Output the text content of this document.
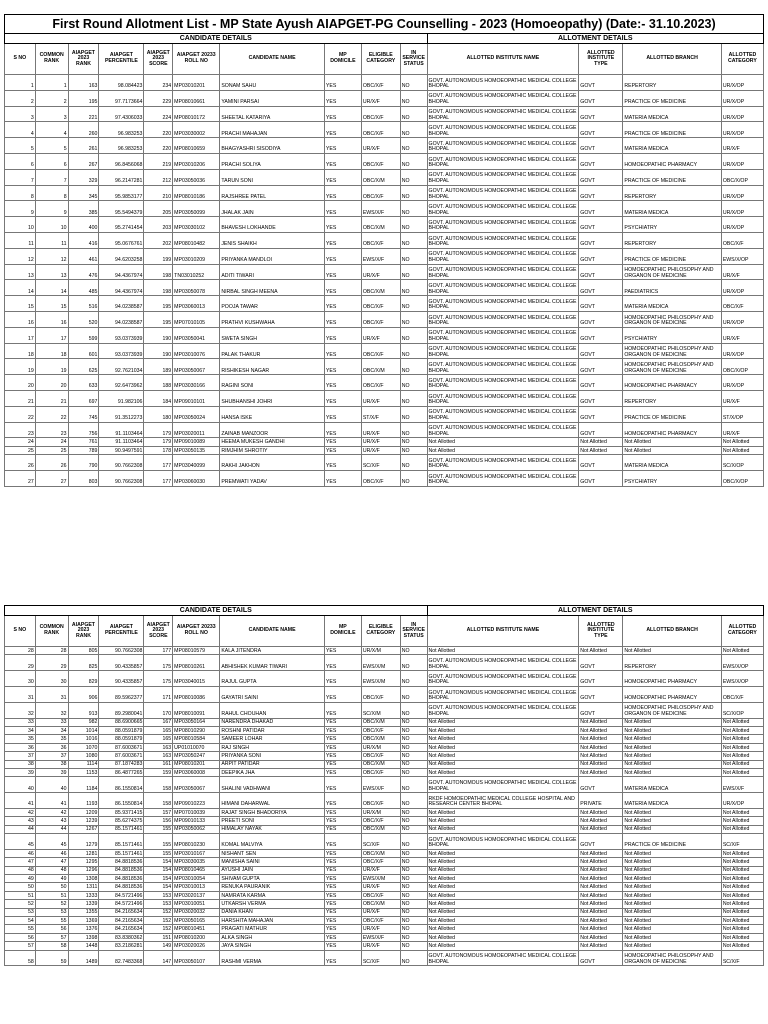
First Round Allotment List - MP State Ayush AIAPGET-PG Counselling - 2023 (Homoeopathy) (Date:- 31.10.2023)
CANDIDATE DETAILS										ALLOTMENT DETAILS			
S NO	COMMON RANK	AIAPGET 2023 RANK	AIAPGET PERCENTILE	AIAPGET 2023 SCORE	AIAPGET 20233 ROLL NO	CANDIDATE NAME	MP DOMICILE	ELIGIBLE CATEGORY	IN SERVICE STATUS	ALLOTTED INSTITUTE NAME	ALLOTTED INSTITUTE TYPE	ALLOTTED BRANCH	ALLOTTED CATEGORY
1	1	163	98.084423	234	MP03010201	SONAM SAHU	YES	OBC/X/F	NO	GOVT. AUTONOMOUS HOMOEOPATHIC MEDICAL COLLEGE BHOPAL	GOVT	REPERTORY	UR/X/OP
2	2	195	97.7173664	229	MP08010661	YAMINI PARSAI	YES	UR/X/F	NO	GOVT. AUTONOMOUS HOMOEOPATHIC MEDICAL COLLEGE BHOPAL	GOVT	PRACTICE OF MEDICINE	UR/X/OP
3	3	221	97.4306033	224	MP08010172	SHEETAL KATARIYA	YES	OBC/X/F	NO	GOVT. AUTONOMOUS HOMOEOPATHIC MEDICAL COLLEGE BHOPAL	GOVT	MATERIA MEDICA	UR/X/OP
4	4	260	96.983253	220	MP03030002	PRACHI MAHAJAN	YES	OBC/X/F	NO	GOVT. AUTONOMOUS HOMOEOPATHIC MEDICAL COLLEGE BHOPAL	GOVT	PRACTICE OF MEDICINE	UR/X/OP
5	5	261	96.983253	220	MP08010659	BHAGYASHRI SISODIYA	YES	UR/X/F	NO	GOVT. AUTONOMOUS HOMOEOPATHIC MEDICAL COLLEGE BHOPAL	GOVT	MATERIA MEDICA	UR/X/F
6	6	267	96.8456068	219	MP03010206	PRACHI SOLIYA	YES	OBC/X/F	NO	GOVT. AUTONOMOUS HOMOEOPATHIC MEDICAL COLLEGE BHOPAL	GOVT	HOMOEOPATHIC PHARMACY	UR/X/OP
7	7	329	96.2147281	212	MP03050036	TARUN SONI	YES	OBC/X/M	NO	GOVT. AUTONOMOUS HOMOEOPATHIC MEDICAL COLLEGE BHOPAL	GOVT	PRACTICE OF MEDICINE	OBC/X/OP
8	8	345	95.9853177	210	MP08010186	RAJSHREE PATEL	YES	OBC/X/F	NO	GOVT. AUTONOMOUS HOMOEOPATHIC MEDICAL COLLEGE BHOPAL	GOVT	REPERTORY	UR/X/OP
9	9	385	95.5494379	205	MP03050099	JHALAK JAIN	YES	EWS/X/F	NO	GOVT. AUTONOMOUS HOMOEOPATHIC MEDICAL COLLEGE BHOPAL	GOVT	MATERIA MEDICA	UR/X/OP
10	10	400	95.2741454	203	MP03030102	BHAVESH LOKHANDE	YES	OBC/X/M	NO	GOVT. AUTONOMOUS HOMOEOPATHIC MEDICAL COLLEGE BHOPAL	GOVT	PSYCHIATRY	UR/X/OP
11	11	416	95.0676761	202	MP08010482	JENIS SHAIKH	YES	OBC/X/F	NO	GOVT. AUTONOMOUS HOMOEOPATHIC MEDICAL COLLEGE BHOPAL	GOVT	REPERTORY	OBC/X/F
12	12	461	94.6203258	199	MP03010209	PRIYANKA MANDLOI	YES	EWS/X/F	NO	GOVT. AUTONOMOUS HOMOEOPATHIC MEDICAL COLLEGE BHOPAL	GOVT	PRACTICE OF MEDICINE	EWS/X/OP
13	13	476	94.4367974	198	TN03010252	ADITI TIWARI	YES	UR/X/F	NO	GOVT. AUTONOMOUS HOMOEOPATHIC MEDICAL COLLEGE BHOPAL	GOVT	HOMOEOPATHIC PHILOSOPHY AND ORGANON OF MEDICINE	UR/X/F
14	14	485	94.4367974	198	MP03050078	NIRBAL SINGH MEENA	YES	OBC/X/M	NO	GOVT. AUTONOMOUS HOMOEOPATHIC MEDICAL COLLEGE BHOPAL	GOVT	PAEDIATRICS	UR/X/OP
15	15	516	94.0238587	195	MP03060013	POOJA TAWAR	YES	OBC/X/F	NO	GOVT. AUTONOMOUS HOMOEOPATHIC MEDICAL COLLEGE BHOPAL	GOVT	MATERIA MEDICA	OBC/X/F
16	16	520	94.0238587	195	MP07010105	PRATHVI KUSHWAHA	YES	OBC/X/F	NO	GOVT. AUTONOMOUS HOMOEOPATHIC MEDICAL COLLEGE BHOPAL	GOVT	HOMOEOPATHIC PHILOSOPHY AND ORGANON OF MEDICINE	UR/X/OP
17	17	599	93.0373939	190	MP03050041	SWETA SINGH	YES	UR/X/F	NO	GOVT. AUTONOMOUS HOMOEOPATHIC MEDICAL COLLEGE BHOPAL	GOVT	PSYCHIATRY	UR/X/F
18	18	601	93.0373939	190	MP03010076	PALAK THAKUR	YES	OBC/X/F	NO	GOVT. AUTONOMOUS HOMOEOPATHIC MEDICAL COLLEGE BHOPAL	GOVT	HOMOEOPATHIC PHILOSOPHY AND ORGANON OF MEDICINE	UR/X/OP
19	19	625	92.7621034	189	MP03050067	RISHIKESH NAGAR	YES	OBC/X/M	NO	GOVT. AUTONOMOUS HOMOEOPATHIC MEDICAL COLLEGE BHOPAL	GOVT	HOMOEOPATHIC PHILOSOPHY AND ORGANON OF MEDICINE	OBC/X/OP
20	20	633	92.6473962	188	MP03030166	RAGINI SONI	YES	OBC/X/F	NO	GOVT. AUTONOMOUS HOMOEOPATHIC MEDICAL COLLEGE BHOPAL	GOVT	HOMOEOPATHIC PHARMACY	UR/X/OP
21	21	697	91.982106	184	MP09010101	SHUBHANSHI JOHRI	YES	UR/X/F	NO	GOVT. AUTONOMOUS HOMOEOPATHIC MEDICAL COLLEGE BHOPAL	GOVT	REPERTORY	UR/X/F
22	22	745	91.3512273	180	MP03050024	HANSA ISKE	YES	ST/X/F	NO	GOVT. AUTONOMOUS HOMOEOPATHIC MEDICAL COLLEGE BHOPAL	GOVT	PRACTICE OF MEDICINE	ST/X/OP
23	23	756	91.1103464	179	MP03020011	ZAINAB MANZOOR	YES	UR/X/F	NO	GOVT. AUTONOMOUS HOMOEOPATHIC MEDICAL COLLEGE BHOPAL	GOVT	HOMOEOPATHIC PHARMACY	UR/X/F
24	24	761	91.1103464	179	MP09010089	HEEMA MUKESH GANDHI	YES	UR/X/F	NO	Not Allotted	Not Allotted	Not Allotted	Not Allotted
25	25	789	90.9497591	178	MP03050135	RIMJHIM SHROTIY	YES	UR/X/F	NO	Not Allotted	Not Allotted	Not Allotted	Not Allotted
26	26	790	90.7662308	177	MP03040099	RAKHI JAKHON	YES	SC/X/F	NO	GOVT. AUTONOMOUS HOMOEOPATHIC MEDICAL COLLEGE BHOPAL	GOVT	MATERIA MEDICA	SC/X/OP
27	27	803	90.7662308	177	MP03060030	PREMWATI YADAV	YES	OBC/X/F	NO	GOVT. AUTONOMOUS HOMOEOPATHIC MEDICAL COLLEGE BHOPAL	GOVT	PSYCHIATRY	OBC/X/OP
CANDIDATE DETAILS										ALLOTMENT DETAILS			
S NO	COMMON RANK	AIAPGET 2023 RANK	AIAPGET PERCENTILE	AIAPGET 2023 SCORE	AIAPGET 20233 ROLL NO	CANDIDATE NAME	MP DOMICILE	ELIGIBLE CATEGORY	IN SERVICE STATUS	ALLOTTED INSTITUTE NAME	ALLOTTED INSTITUTE TYPE	ALLOTTED BRANCH	ALLOTTED CATEGORY
28	28	805	90.7662308	177	MP08010579	KALA JITENDRA	YES	UR/X/M	NO	Not Allotted	Not Allotted	Not Allotted	Not Allotted
29	29	825	90.4335857	175	MP08010261	ABHISHEK KUMAR TIWARI	YES	EWS/X/M	NO	GOVT. AUTONOMOUS HOMOEOPATHIC MEDICAL COLLEGE BHOPAL	GOVT	REPERTORY	EWS/X/OP
30	30	829	90.4335857	175	MP03040015	RAJUL GUPTA	YES	EWS/X/M	NO	GOVT. AUTONOMOUS HOMOEOPATHIC MEDICAL COLLEGE BHOPAL	GOVT	HOMOEOPATHIC PHARMACY	EWS/X/OP
31	31	906	89.5962377	171	MP08010086	GAYATRI SAINI	YES	OBC/X/F	NO	GOVT. AUTONOMOUS HOMOEOPATHIC MEDICAL COLLEGE BHOPAL	GOVT	HOMOEOPATHIC PHARMACY	OBC/X/F
32	32	913	89.2980041	170	MP08010091	RAHUL CHOUHAN	YES	SC/X/M	NO	GOVT. AUTONOMOUS HOMOEOPATHIC MEDICAL COLLEGE BHOPAL	GOVT	HOMOEOPATHIC PHILOSOPHY AND ORGANON OF MEDICINE	SC/X/OP
33	33	982	88.6900665	167	MP03050164	NARENDRA DHAKAD	YES	OBC/X/M	NO	Not Allotted	Not Allotted	Not Allotted	Not Allotted
34	34	1014	88.0591879	165	MP08010290	ROSHNI PATIDAR	YES	OBC/X/F	NO	Not Allotted	Not Allotted	Not Allotted	Not Allotted
35	35	1016	88.0591879	165	MP08010584	SAMEER LOHAR	YES	OBC/X/M	NO	Not Allotted	Not Allotted	Not Allotted	Not Allotted
36	36	1070	87.6003671	163	UP01010070	RAJ SINGH	YES	UR/X/M	NO	Not Allotted	Not Allotted	Not Allotted	Not Allotted
37	37	1080	87.6003671	163	MP03050247	PRIYANKA SONI	YES	OBC/X/F	NO	Not Allotted	Not Allotted	Not Allotted	Not Allotted
38	38	1114	87.1874283	161	MP08010201	ARPIT PATIDAR	YES	OBC/X/M	NO	Not Allotted	Not Allotted	Not Allotted	Not Allotted
39	39	1153	86.4877265	159	MP03060008	DEEPIKA JHA	YES	OBC/X/F	NO	Not Allotted	Not Allotted	Not Allotted	Not Allotted
40	40	1184	86.1550814	158	MP03050067	SHALINI VADHWANI	YES	EWS/X/F	NO	GOVT. AUTONOMOUS HOMOEOPATHIC MEDICAL COLLEGE BHOPAL	GOVT	MATERIA MEDICA	EWS/X/F
41	41	1193	86.1550814	158	MP09010223	HIMANI DAHARWAL	YES	OBC/X/F	NO	RKDF HOMOEOPATHIC MEDICAL COLLEGE HOSPITAL AND RESEARCH CENTER BHOPAL	PRIVATE	MATERIA MEDICA	UR/X/OP
42	42	1209	85.9371415	157	MP07010039	RAJAT SINGH BHADORIYA	YES	UR/X/M	NO	Not Allotted	Not Allotted	Not Allotted	Not Allotted
43	43	1239	85.6274375	156	MP09010133	PREETI SONI	YES	OBC/X/F	NO	Not Allotted	Not Allotted	Not Allotted	Not Allotted
44	44	1267	85.1571461	155	MP03050062	HIMALAY NAYAK	YES	OBC/X/M	NO	Not Allotted	Not Allotted	Not Allotted	Not Allotted
45	45	1279	85.1571461	155	MP08010230	KOMAL MALVIYA	YES	SC/X/F	NO	GOVT. AUTONOMOUS HOMOEOPATHIC MEDICAL COLLEGE BHOPAL	GOVT	PRACTICE OF MEDICINE	SC/X/F
46	46	1281	85.1571461	155	MP03010167	NISHANT SEN	YES	OBC/X/M	NO	Not Allotted	Not Allotted	Not Allotted	Not Allotted
47	47	1295	84.8818536	154	MP03030035	MANISHA SAINI	YES	OBC/X/F	NO	Not Allotted	Not Allotted	Not Allotted	Not Allotted
48	48	1296	84.8818536	154	MP08010465	AYUSHI JAIN	YES	UR/X/F	NO	Not Allotted	Not Allotted	Not Allotted	Not Allotted
49	49	1308	84.8818536	154	MP03010054	SHIVAM GUPTA	YES	EWS/X/M	NO	Not Allotted	Not Allotted	Not Allotted	Not Allotted
50	50	1311	84.8818536	154	MP03010013	RENUKA PAURANIK	YES	UR/X/F	NO	Not Allotted	Not Allotted	Not Allotted	Not Allotted
51	51	1333	84.5721496	153	MP03020137	NAMRATA KARMA	YES	OBC/X/F	NO	Not Allotted	Not Allotted	Not Allotted	Not Allotted
52	52	1339	84.5721496	153	MP03010051	UTKARSH VERMA	YES	OBC/X/M	NO	Not Allotted	Not Allotted	Not Allotted	Not Allotted
53	53	1355	84.2165634	152	MP03020032	DANIA KHAN	YES	UR/X/F	NO	Not Allotted	Not Allotted	Not Allotted	Not Allotted
54	55	1369	84.2165634	152	MP03050165	HARSHITA MAHAJAN	YES	OBC/X/F	NO	Not Allotted	Not Allotted	Not Allotted	Not Allotted
55	56	1376	84.2165634	152	MP08010451	PRAGATI MATHUR	YES	UR/X/F	NO	Not Allotted	Not Allotted	Not Allotted	Not Allotted
56	57	1398	83.8380362	151	MP08010200	ALKA SINGH	YES	EWS/X/F	NO	Not Allotted	Not Allotted	Not Allotted	Not Allotted
57	58	1448	83.2186281	149	MP03020026	JAYA SINGH	YES	UR/X/F	NO	Not Allotted	Not Allotted	Not Allotted	Not Allotted
58	59	1489	82.7483368	147	MP03050107	RASHMI VERMA	YES	SC/X/F	NO	GOVT. AUTONOMOUS HOMOEOPATHIC MEDICAL COLLEGE BHOPAL	GOVT	HOMOEOPATHIC PHILOSOPHY AND ORGANON OF MEDICINE	SC/X/F
